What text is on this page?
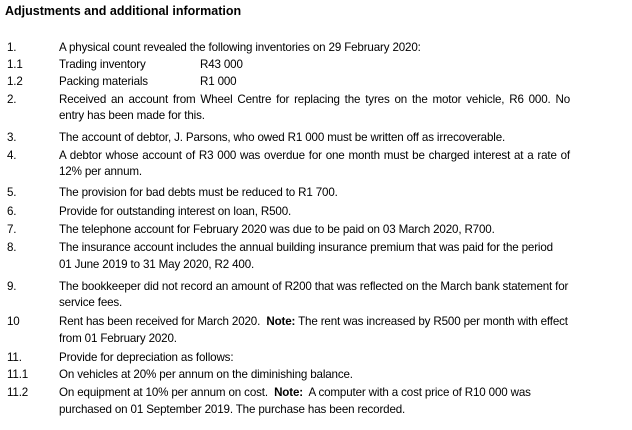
Adjustments and additional information
1.	A physical count revealed the following inventories on 29 February 2020:
1.1	Trading inventory	R43 000
1.2	Packing materials	R1 000
2.	Received an account from Wheel Centre for replacing the tyres on the motor vehicle, R6 000. No
entry has been made for this.
3.	The account of debtor, J. Parsons, who owed R1 000 must be written off as irrecoverable.
4.	A debtor whose account of R3 000 was overdue for one month must be charged interest at a rate of
12% per annum.
5.	The provision for bad debts must be reduced to R1 700.
6.	Provide for outstanding interest on loan, R500.
7.	The telephone account for February 2020 was due to be paid on 03 March 2020, R700.
8.	The insurance account includes the annual building insurance premium that was paid for the period
01 June 2019 to 31 May 2020, R2 400.
9.	The bookkeeper did not record an amount of R200 that was reflected on the March bank statement for
service fees.
10	Rent has been received for March 2020. Note: The rent was increased by R500 per month with effect
from 01 February 2020.
11.	Provide for depreciation as follows:
11.1	On vehicles at 20% per annum on the diminishing balance.
11.2	On equipment at 10% per annum on cost. Note: A computer with a cost price of R10 000 was
purchased on 01 September 2019. The purchase has been recorded.
